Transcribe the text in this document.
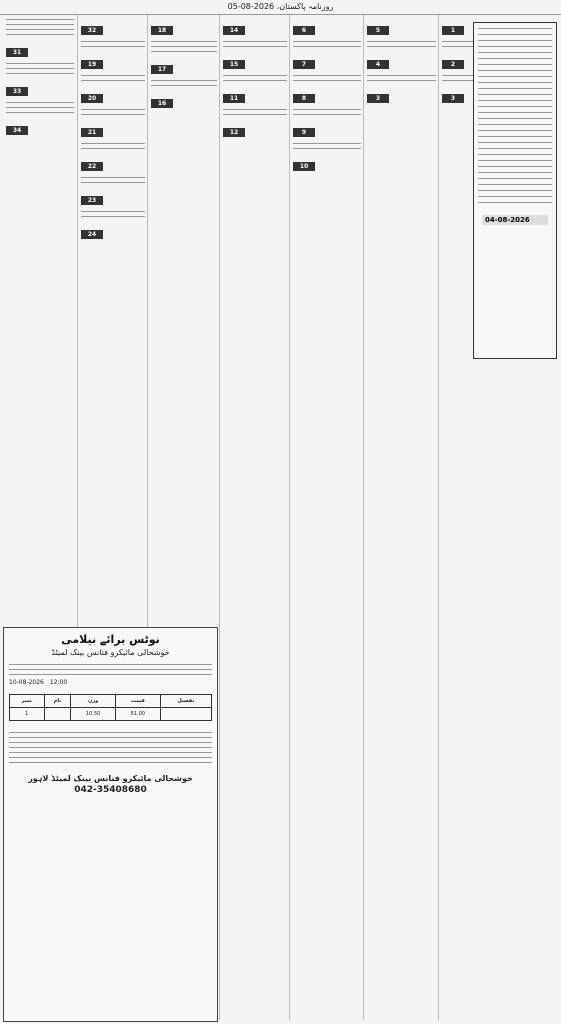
روزنامہ پاکستان، 2026-08-05
31
33
34
32
19
20
21
22
23
24
18
17
16
14
15
11
12
6
7
8
9
10
5
4
3
1
2
3
04-08-2026
نوٹس برائے نیلامی
خوشحالی مائیکرو فنانس بینک لمیٹڈ
10-08-2026 12:00
نمبر	نام	وزن	قیمت	تفصیل
1		10.50	51.00	
خوشحالی مائیکرو فنانس بینک لمیٹڈ لاہور
042-35408680
